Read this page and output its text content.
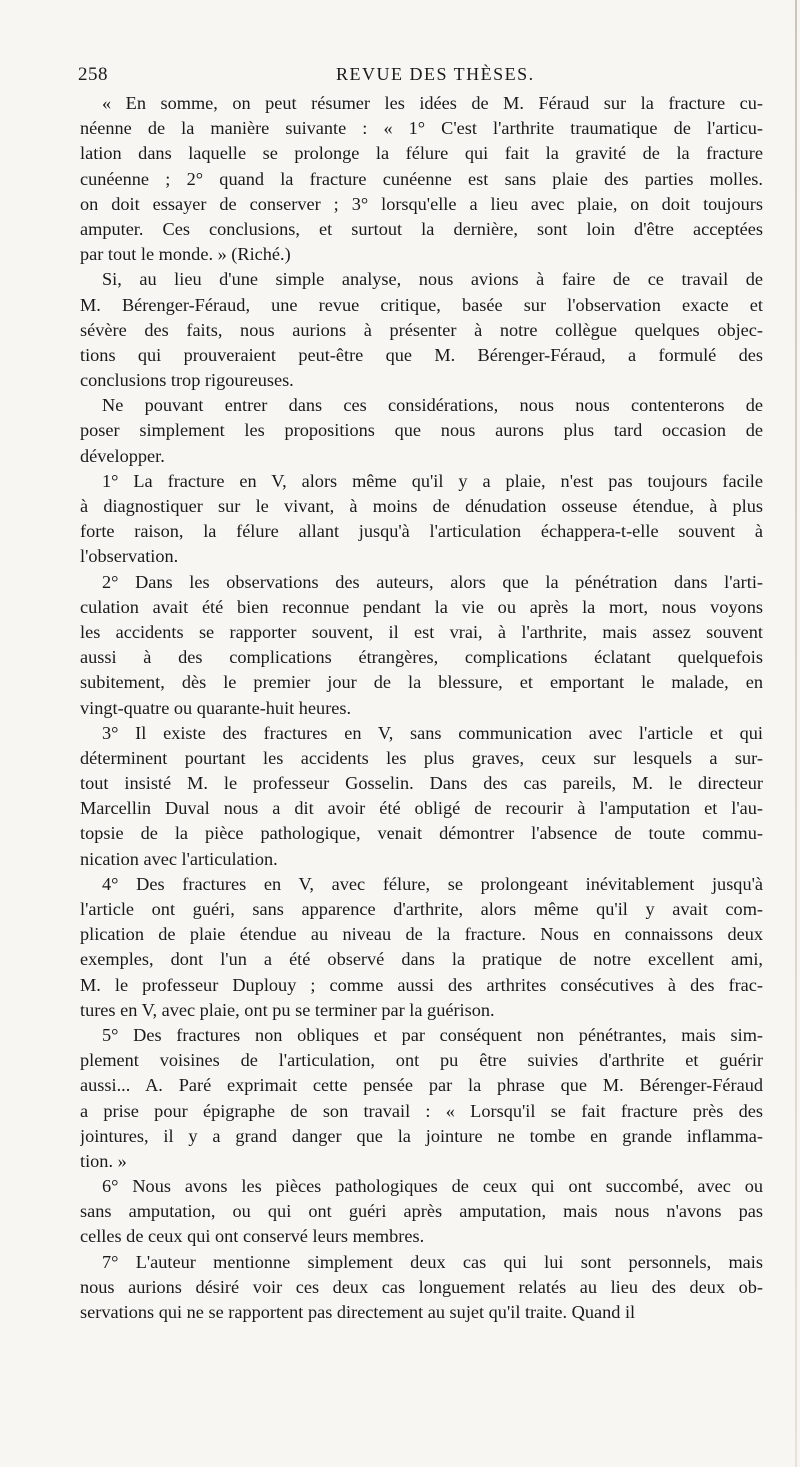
258	REVUE DES THÈSES.
« En somme, on peut résumer les idées de M. Féraud sur la fracture cu-
néenne de la manière suivante : « 1° C'est l'arthrite traumatique de l'articu-
lation dans laquelle se prolonge la félure qui fait la gravité de la fracture
cunéenne ; 2° quand la fracture cunéenne est sans plaie des parties molles.
on doit essayer de conserver ; 3° lorsqu'elle a lieu avec plaie, on doit toujours
amputer. Ces conclusions, et surtout la dernière, sont loin d'être acceptées
par tout le monde. » (Riché.)
Si, au lieu d'une simple analyse, nous avions à faire de ce travail de
M. Bérenger-Féraud, une revue critique, basée sur l'observation exacte et
sévère des faits, nous aurions à présenter à notre collègue quelques objec-
tions qui prouveraient peut-être que M. Bérenger-Féraud, a formulé des
conclusions trop rigoureuses.
Ne pouvant entrer dans ces considérations, nous nous contenterons de
poser simplement les propositions que nous aurons plus tard occasion de
développer.
1° La fracture en V, alors même qu'il y a plaie, n'est pas toujours facile
à diagnostiquer sur le vivant, à moins de dénudation osseuse étendue, à plus
forte raison, la félure allant jusqu'à l'articulation échappera-t-elle souvent à
l'observation.
2° Dans les observations des auteurs, alors que la pénétration dans l'arti-
culation avait été bien reconnue pendant la vie ou après la mort, nous voyons
les accidents se rapporter souvent, il est vrai, à l'arthrite, mais assez souvent
aussi à des complications étrangères, complications éclatant quelquefois
subitement, dès le premier jour de la blessure, et emportant le malade, en
vingt-quatre ou quarante-huit heures.
3° Il existe des fractures en V, sans communication avec l'article et qui
déterminent pourtant les accidents les plus graves, ceux sur lesquels a sur-
tout insisté M. le professeur Gosselin. Dans des cas pareils, M. le directeur
Marcellin Duval nous a dit avoir été obligé de recourir à l'amputation et l'au-
topsie de la pièce pathologique, venait démontrer l'absence de toute commu-
nication avec l'articulation.
4° Des fractures en V, avec félure, se prolongeant inévitablement jusqu'à
l'article ont guéri, sans apparence d'arthrite, alors même qu'il y avait com-
plication de plaie étendue au niveau de la fracture. Nous en connaissons deux
exemples, dont l'un a été observé dans la pratique de notre excellent ami,
M. le professeur Duplouy ; comme aussi des arthrites consécutives à des frac-
tures en V, avec plaie, ont pu se terminer par la guérison.
5° Des fractures non obliques et par conséquent non pénétrantes, mais sim-
plement voisines de l'articulation, ont pu être suivies d'arthrite et guérir
aussi... A. Paré exprimait cette pensée par la phrase que M. Bérenger-Féraud
a prise pour épigraphe de son travail : « Lorsqu'il se fait fracture près des
jointures, il y a grand danger que la jointure ne tombe en grande inflamma-
tion. »
6° Nous avons les pièces pathologiques de ceux qui ont succombé, avec ou
sans amputation, ou qui ont guéri après amputation, mais nous n'avons pas
celles de ceux qui ont conservé leurs membres.
7° L'auteur mentionne simplement deux cas qui lui sont personnels, mais
nous aurions désiré voir ces deux cas longuement relatés au lieu des deux ob-
servations qui ne se rapportent pas directement au sujet qu'il traite. Quand il
